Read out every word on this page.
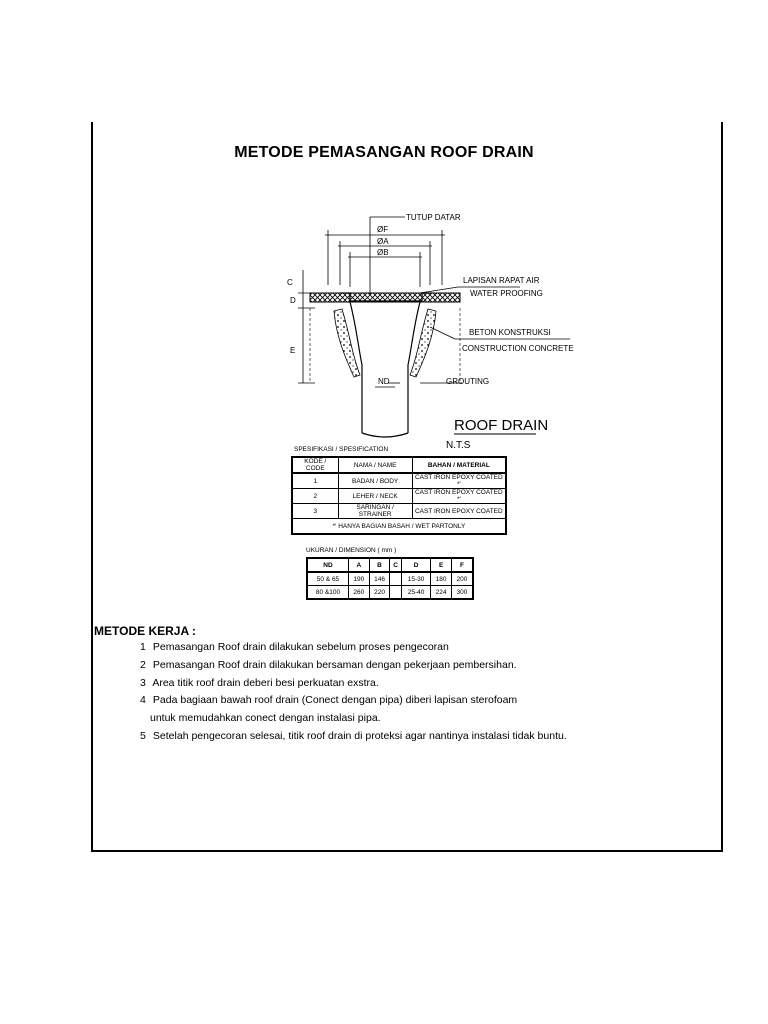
METODE PEMASANGAN ROOF DRAIN
TUTUP DATAR
ØF
ØA
ØB
C
D
E
ND
LAPISAN RAPAT AIR
WATER PROOFING
BETON KONSTRUKSI
CONSTRUCTION CONCRETE
GROUTING
ROOF DRAIN
N.T.S
SPESIFIKASI / SPESIFICATION
KODE / CODE	NAMA / NAME	BAHAN / MATERIAL
1	BADAN / BODY	CAST IRON EPOXY COATED *'
2	LEHER / NECK	CAST IRON EPOXY COATED *'
3	SARINGAN / STRAINER	CAST IRON EPOXY COATED
*' HANYA BAGIAN BASAH / WET PARTONLY		
UKURAN / DIMENSION ( mm )
ND	A	B	C	D	E	F
50 & 65	190	146		15-30	180	200
80 &100	260	220		25-40	224	300
METODE KERJA :
1 Pemasangan Roof drain dilakukan sebelum proses pengecoran
2 Pemasangan Roof drain dilakukan bersaman dengan pekerjaan pembersihan.
3 Area titik roof drain deberi besi perkuatan exstra.
4 Pada bagiaan bawah roof drain (Conect dengan pipa) diberi lapisan sterofoam
untuk memudahkan conect dengan instalasi pipa.
5 Setelah pengecoran selesai, titik roof drain di proteksi agar nantinya instalasi tidak buntu.
